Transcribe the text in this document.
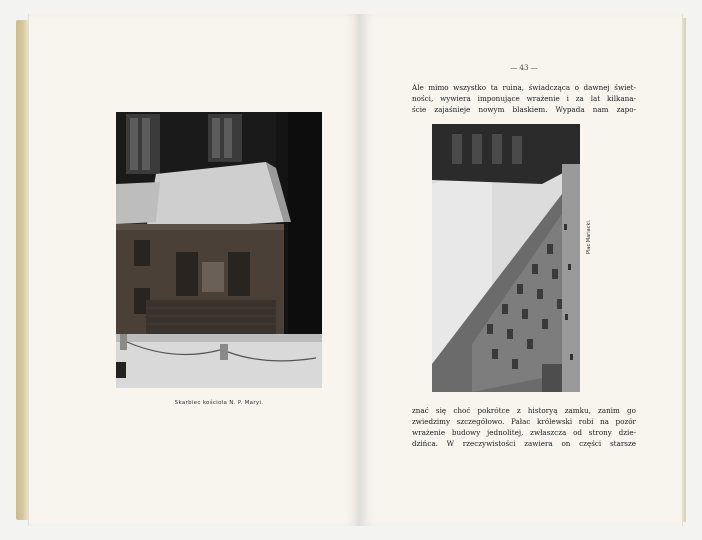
Skarbiec kościoła N. P. Maryi.
— 43 —
Ale mimo wszystko ta ruina, świadcząca o dawnej świet-
ności, wywiera imponujące wrażenie i za lat kilkana-
ście zajaśnieje nowym blaskiem. Wypada nam zapo-
Plac Mariacki.
znać się choć pokrótce z historyą zamku, zanim go
zwiedzimy szczegółowo. Pałac królewski robi na pozór
wrażenie budowy jednolitej, zwłaszcza od strony dzie-
dzińca. W rzeczywistości zawiera on części starsze
